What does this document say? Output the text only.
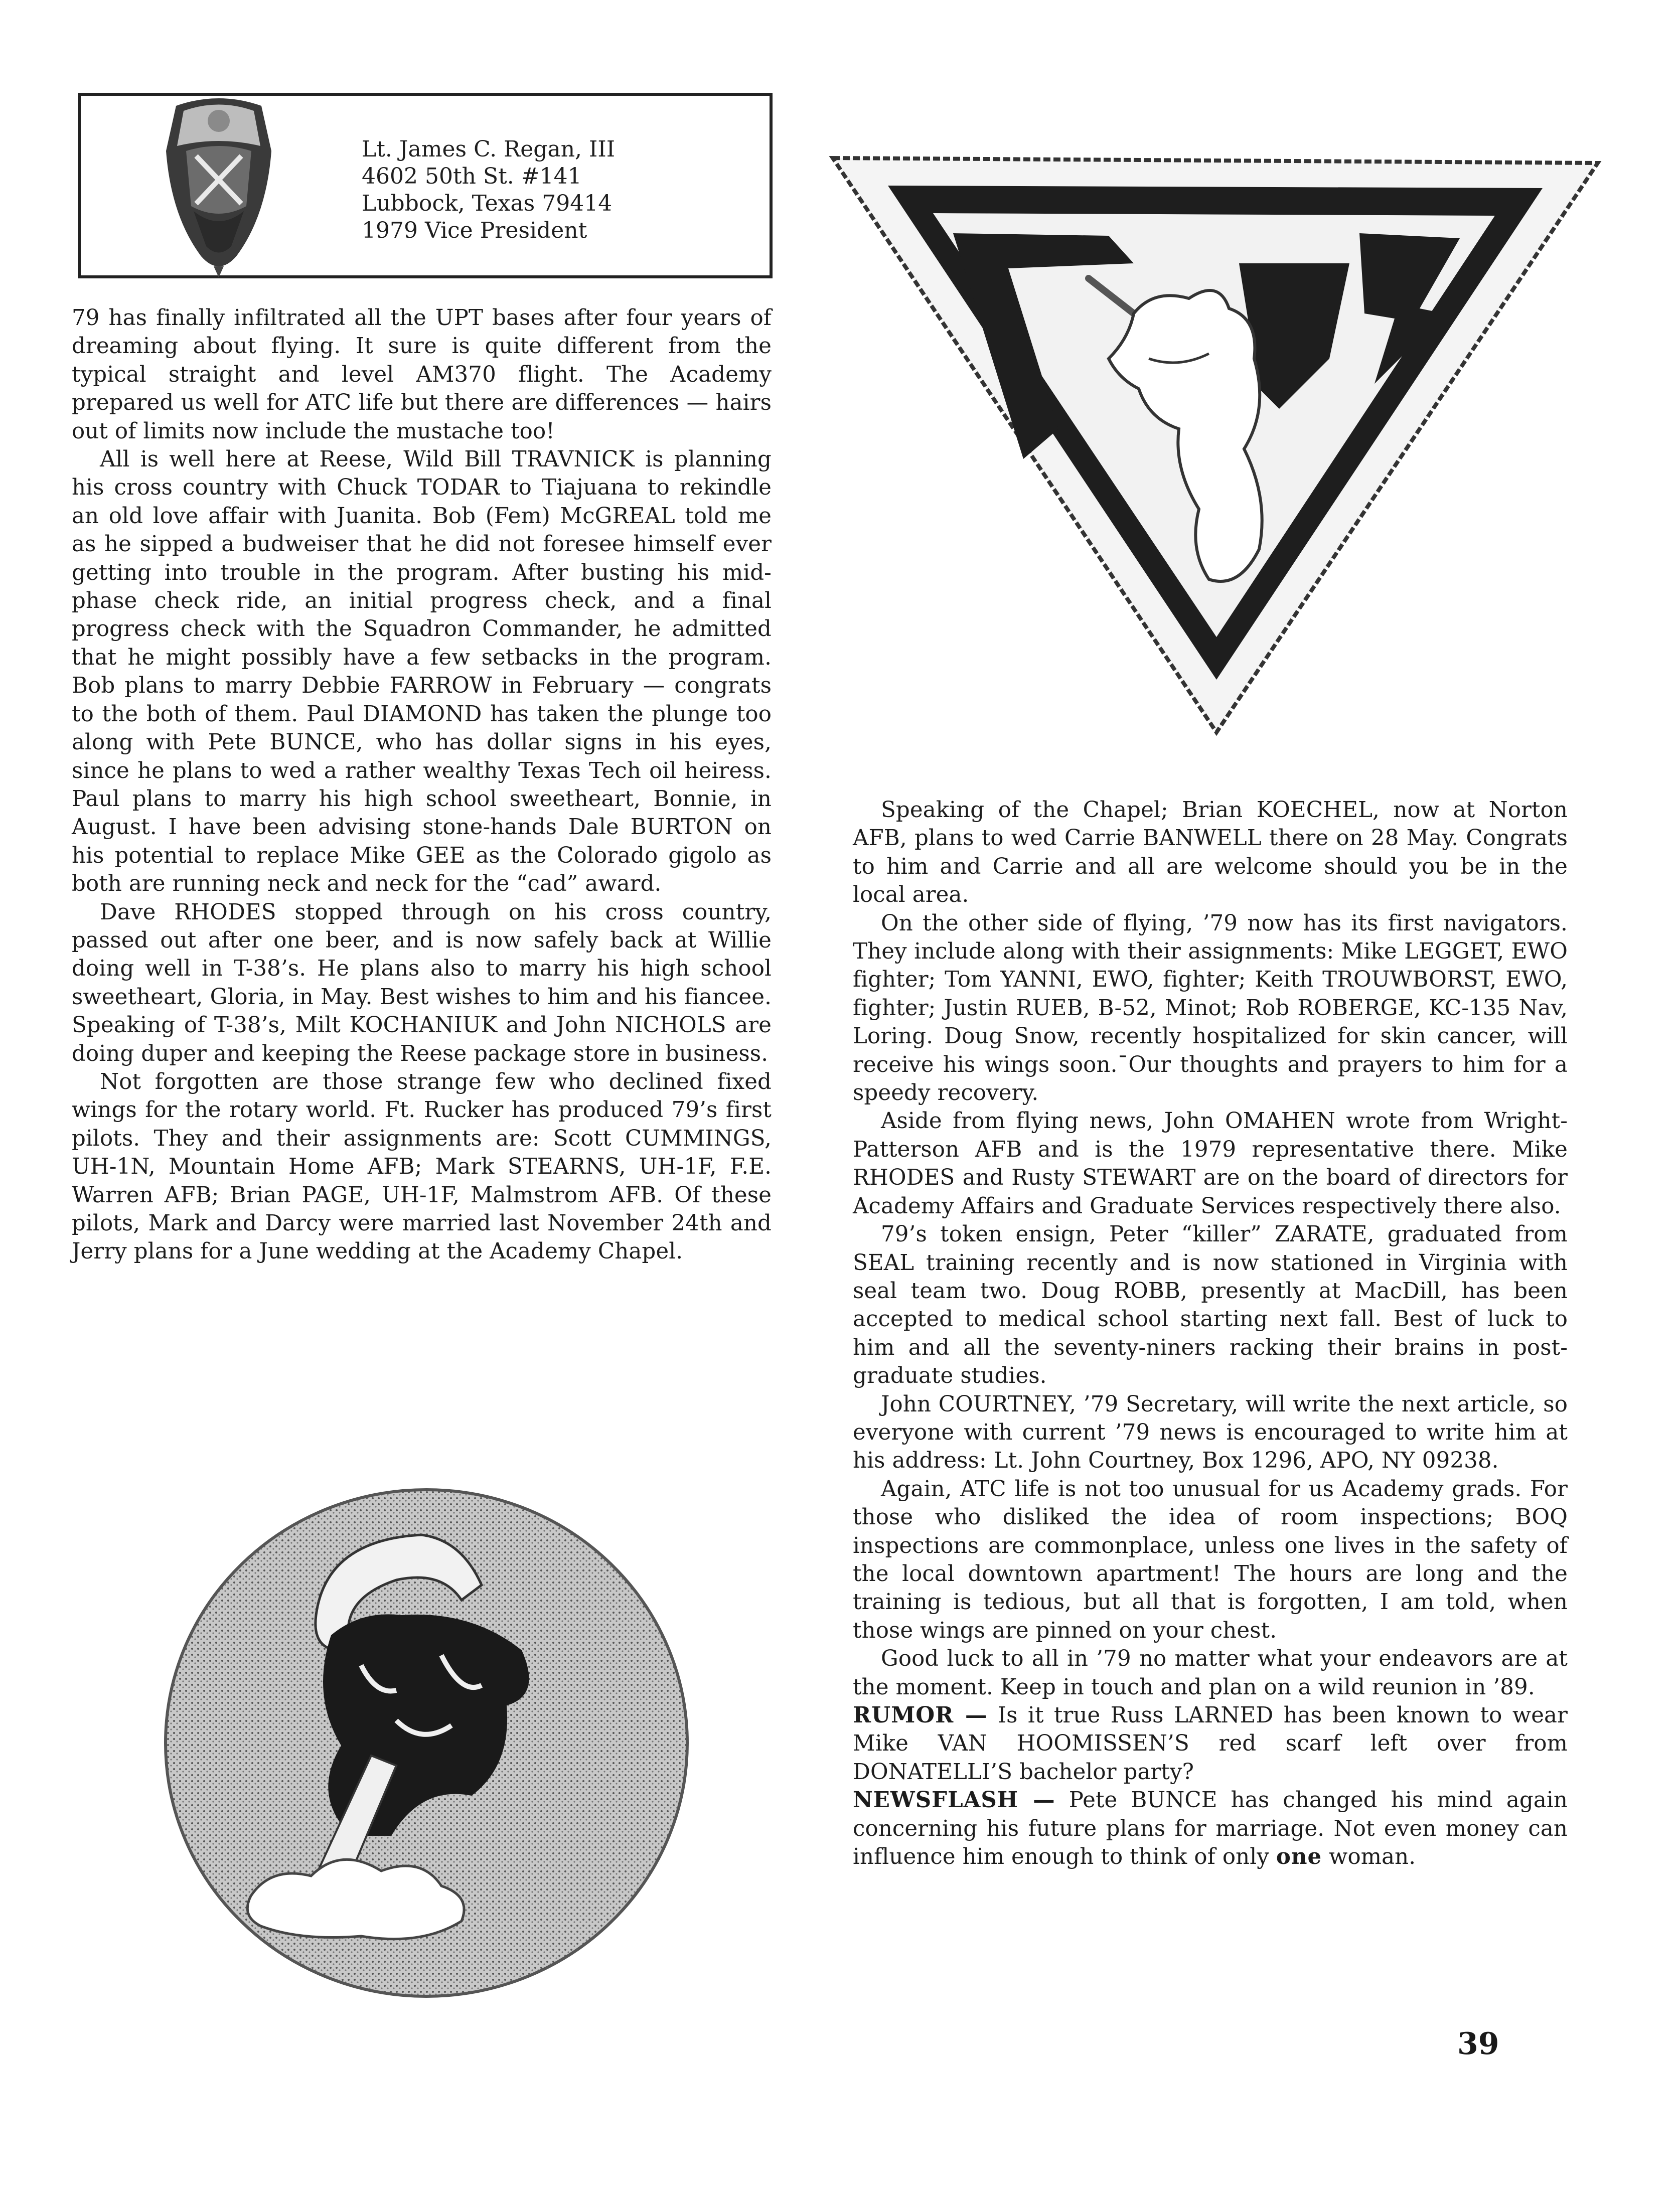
Lt. James C. Regan, III
4602 50th St. #141
Lubbock, Texas 79414
1979 Vice President

79 has finally infiltrated all the UPT bases after four years of dreaming about flying. It sure is quite different from the typical straight and level AM370 flight. The Academy prepared us well for ATC life but there are differences — hairs out of limits now include the mustache too!

All is well here at Reese, Wild Bill TRAVNICK is planning his cross country with Chuck TODAR to Tiajuana to rekindle an old love affair with Juanita. Bob (Fem) McGREAL told me as he sipped a budweiser that he did not foresee himself ever getting into trouble in the program. After busting his mid-phase check ride, an initial progress check, and a final progress check with the Squadron Commander, he admitted that he might possibly have a few setbacks in the program. Bob plans to marry Debbie FARROW in February — congrats to the both of them. Paul DIAMOND has taken the plunge too along with Pete BUNCE, who has dollar signs in his eyes, since he plans to wed a rather wealthy Texas Tech oil heiress. Paul plans to marry his high school sweetheart, Bonnie, in August. I have been advising stone-hands Dale BURTON on his potential to replace Mike GEE as the Colorado gigolo as both are running neck and neck for the “cad” award.

Dave RHODES stopped through on his cross country, passed out after one beer, and is now safely back at Willie doing well in T-38’s. He plans also to marry his high school sweetheart, Gloria, in May. Best wishes to him and his fiancee. Speaking of T-38’s, Milt KOCHANIUK and John NICHOLS are doing duper and keeping the Reese package store in business.

Not forgotten are those strange few who declined fixed wings for the rotary world. Ft. Rucker has produced 79’s first pilots. They and their assignments are: Scott CUMMINGS, UH-1N, Mountain Home AFB; Mark STEARNS, UH-1F, F.E. Warren AFB; Brian PAGE, UH-1F, Malmstrom AFB. Of these pilots, Mark and Darcy were married last November 24th and Jerry plans for a June wedding at the Academy Chapel.

Speaking of the Chapel; Brian KOECHEL, now at Norton AFB, plans to wed Carrie BANWELL there on 28 May. Congrats to him and Carrie and all are welcome should you be in the local area.

On the other side of flying, ’79 now has its first navigators. They include along with their assignments: Mike LEGGET, EWO fighter; Tom YANNI, EWO, fighter; Keith TROUWBORST, EWO, fighter; Justin RUEB, B-52, Minot; Rob ROBERGE, KC-135 Nav, Loring. Doug Snow, recently hospitalized for skin cancer, will receive his wings soon.¯Our thoughts and prayers to him for a speedy recovery.

Aside from flying news, John OMAHEN wrote from Wright-Patterson AFB and is the 1979 representative there. Mike RHODES and Rusty STEWART are on the board of directors for Academy Affairs and Graduate Services respectively there also.

79’s token ensign, Peter “killer” ZARATE, graduated from SEAL training recently and is now stationed in Virginia with seal team two. Doug ROBB, presently at MacDill, has been accepted to medical school starting next fall. Best of luck to him and all the seventy-niners racking their brains in post-graduate studies.

John COURTNEY, ’79 Secretary, will write the next article, so everyone with current ’79 news is encouraged to write him at his address: Lt. John Courtney, Box 1296, APO, NY 09238.

Again, ATC life is not too unusual for us Academy grads. For those who disliked the idea of room inspections; BOQ inspections are commonplace, unless one lives in the safety of the local downtown apartment! The hours are long and the training is tedious, but all that is forgotten, I am told, when those wings are pinned on your chest.

Good luck to all in ’79 no matter what your endeavors are at the moment. Keep in touch and plan on a wild reunion in ’89.

RUMOR — Is it true Russ LARNED has been known to wear Mike VAN HOOMISSEN’S red scarf left over from DONATELLI’S bachelor party?

NEWSFLASH — Pete BUNCE has changed his mind again concerning his future plans for marriage. Not even money can influence him enough to think of only one woman.

39
